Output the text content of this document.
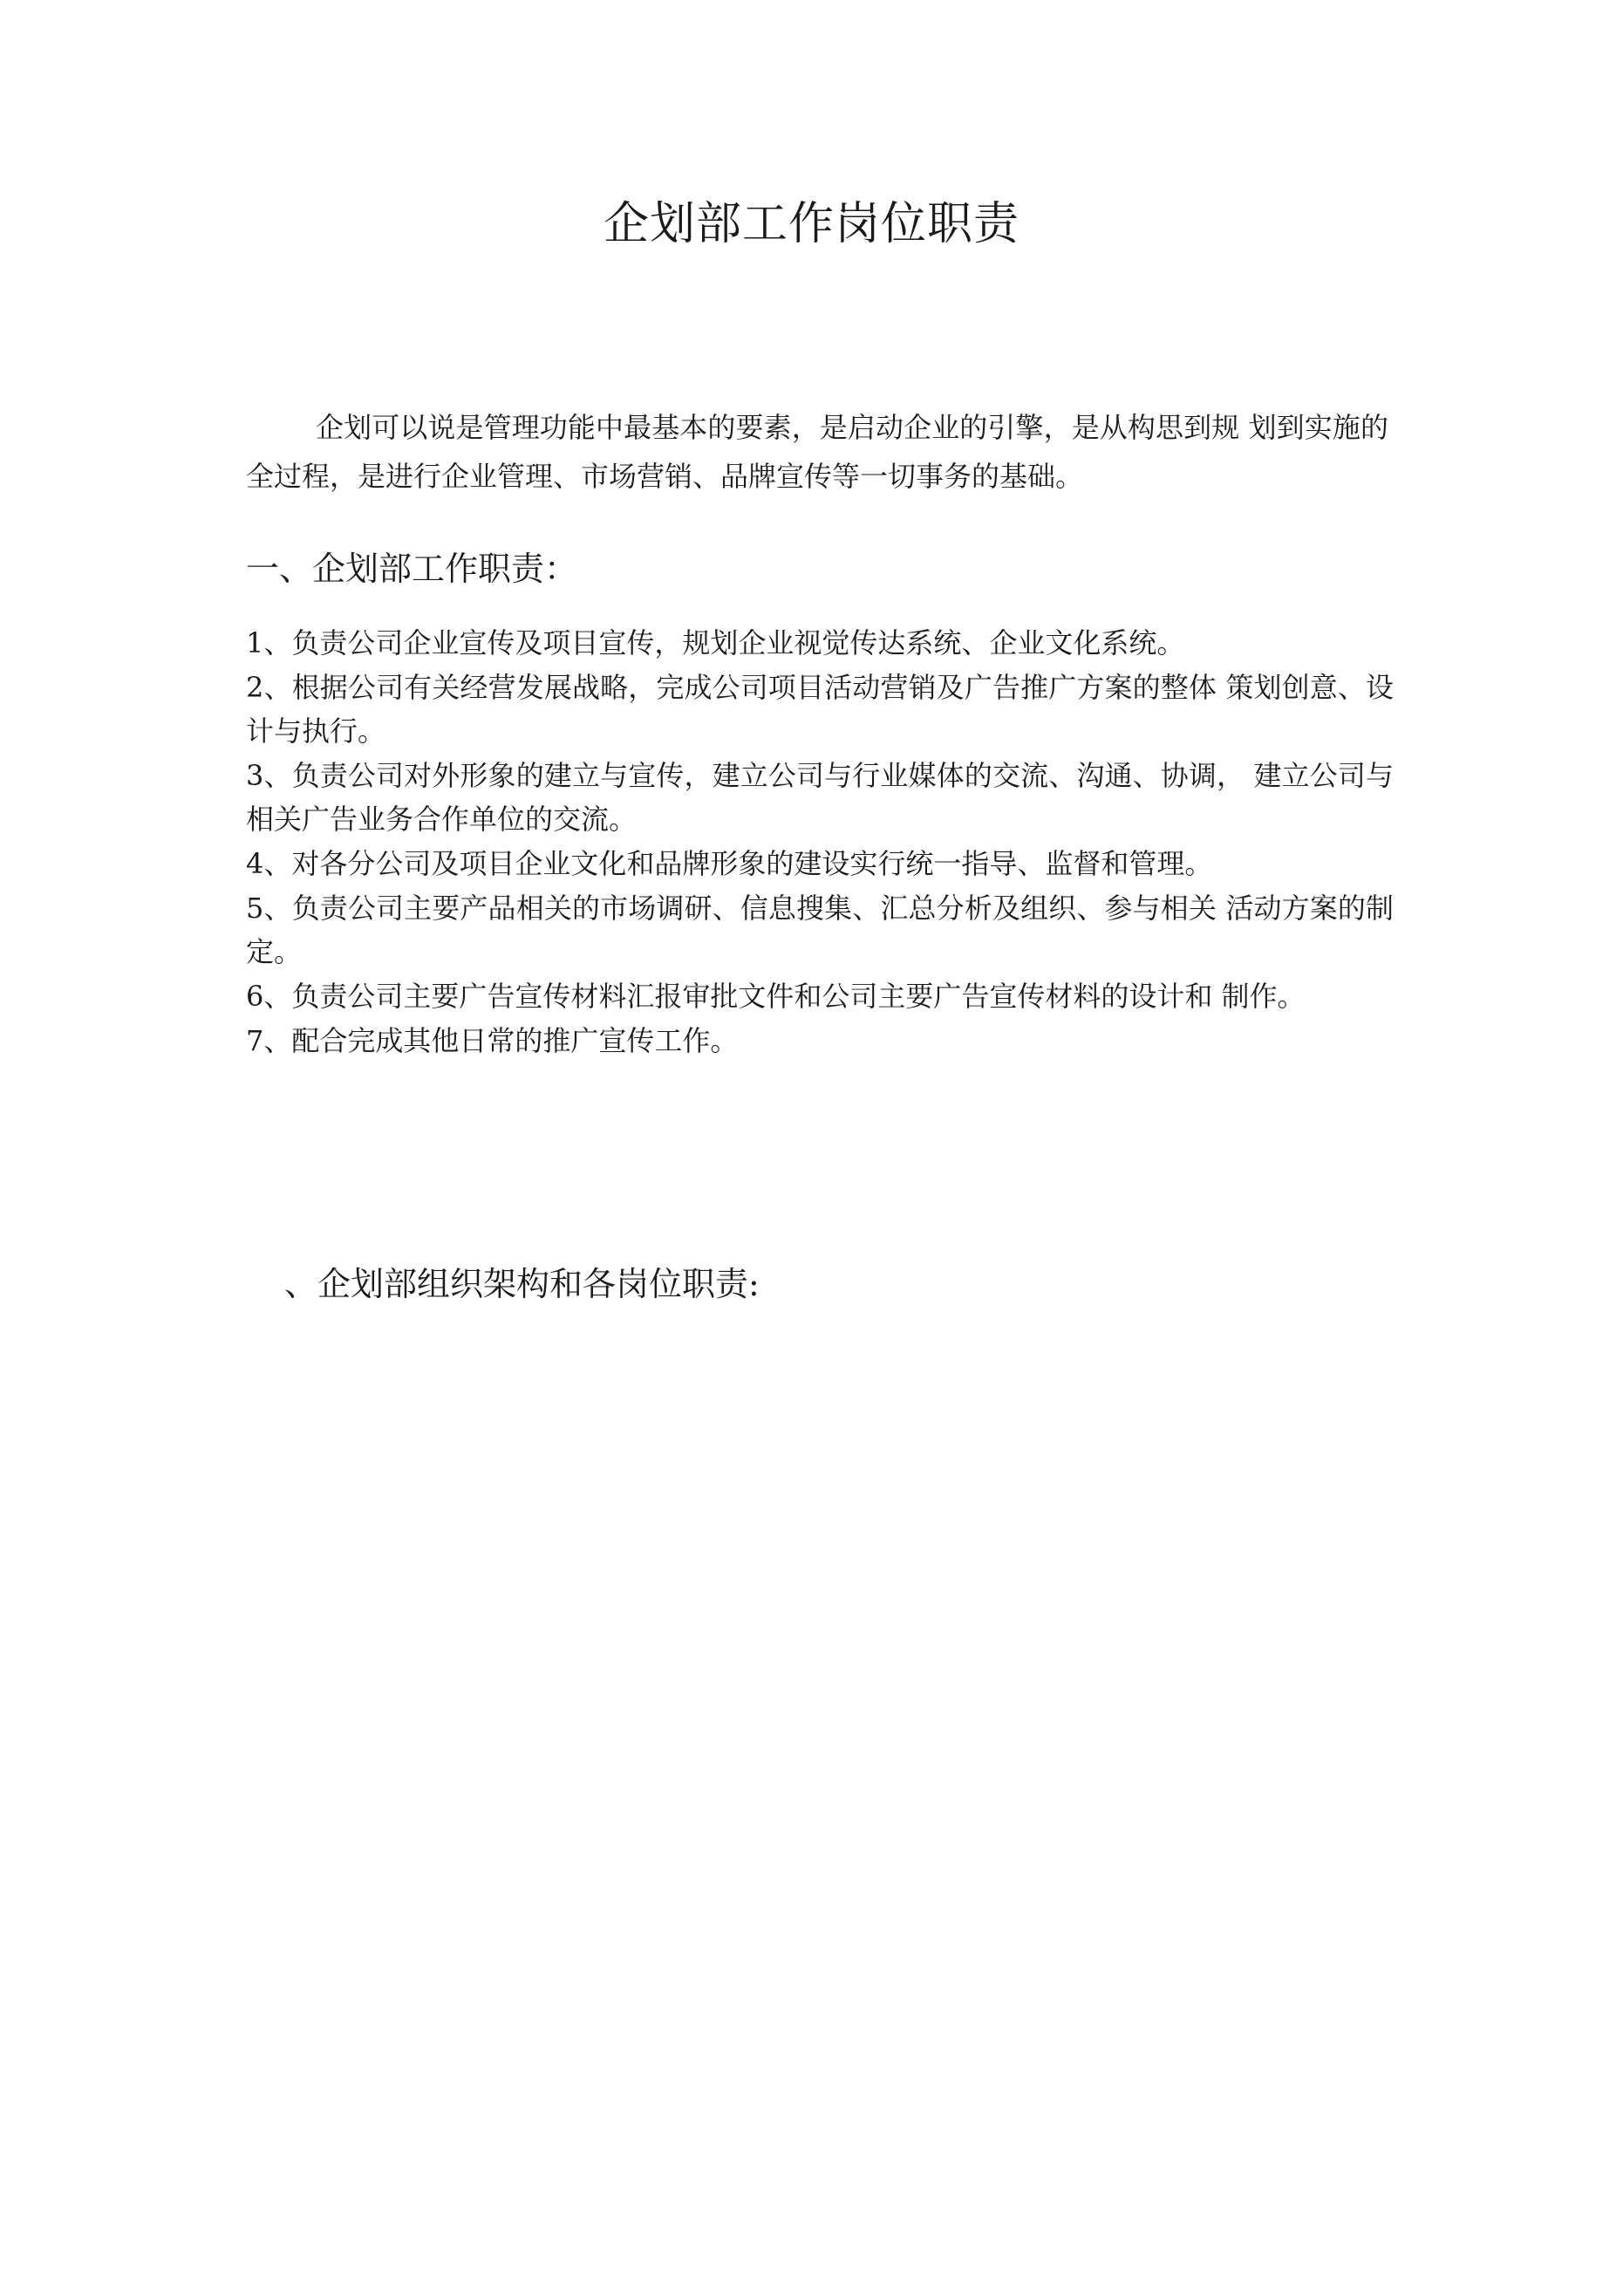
企划部工作岗位职责

企划可以说是管理功能中最基本的要素，是启动企业的引擎，是从构思到规 划到实施的全过程，是进行企业管理、市场营销、品牌宣传等一切事务的基础。

一、企划部工作职责：
1、负责公司企业宣传及项目宣传，规划企业视觉传达系统、企业文化系统。
2、根据公司有关经营发展战略，完成公司项目活动营销及广告推广方案的整体 策划创意、设计与执行。
3、负责公司对外形象的建立与宣传，建立公司与行业媒体的交流、沟通、协调， 建立公司与相关广告业务合作单位的交流。
4、对各分公司及项目企业文化和品牌形象的建设实行统一指导、监督和管理。
5、负责公司主要产品相关的市场调研、信息搜集、汇总分析及组织、参与相关 活动方案的制定。
6、负责公司主要广告宣传材料汇报审批文件和公司主要广告宣传材料的设计和 制作。
7、配合完成其他日常的推广宣传工作。
、企划部组织架构和各岗位职责:
